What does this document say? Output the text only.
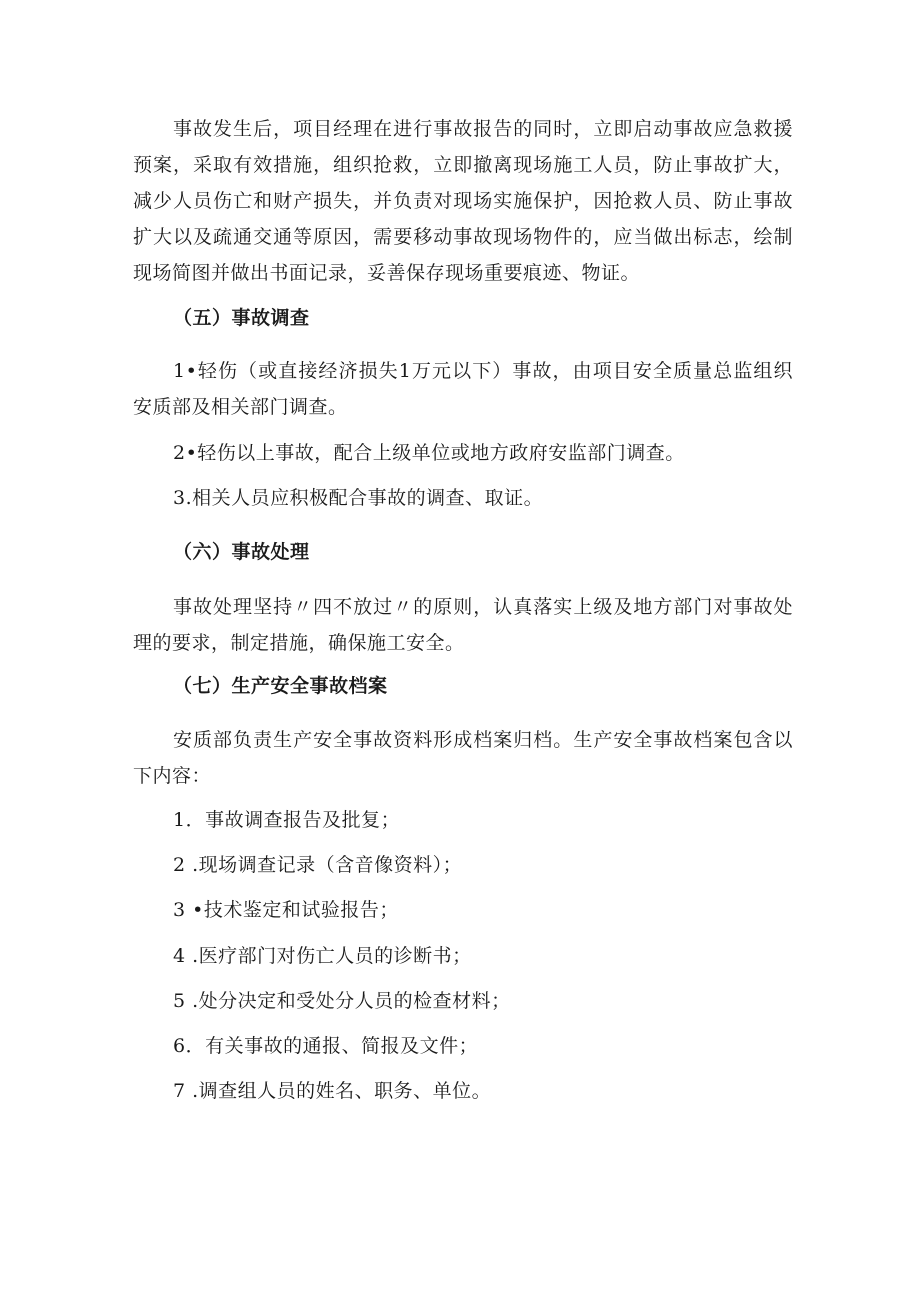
事故发生后，项目经理在进行事故报告的同时，立即启动事故应急救援预案，采取有效措施，组织抢救，立即撤离现场施工人员，防止事故扩大，减少人员伤亡和财产损失，并负责对现场实施保护，因抢救人员、防止事故扩大以及疏通交通等原因，需要移动事故现场物件的，应当做出标志，绘制现场简图并做出书面记录，妥善保存现场重要痕迹、物证。

（五）事故调查

1•轻伤（或直接经济损失1万元以下）事故，由项目安全质量总监组织安质部及相关部门调查。

2•轻伤以上事故，配合上级单位或地方政府安监部门调查。
3.相关人员应积极配合事故的调查、取证。
（六）事故处理

事故处理坚持〃四不放过〃的原则，认真落实上级及地方部门对事故处理的要求，制定措施，确保施工安全。

（七）生产安全事故档案

安质部负责生产安全事故资料形成档案归档。生产安全事故档案包含以下内容：

1．事故调查报告及批复；
2 .现场调查记录（含音像资料）；
3 •技术鉴定和试验报告；
4 .医疗部门对伤亡人员的诊断书；
5 .处分决定和受处分人员的检查材料；
6．有关事故的通报、简报及文件；
7 .调查组人员的姓名、职务、单位。
